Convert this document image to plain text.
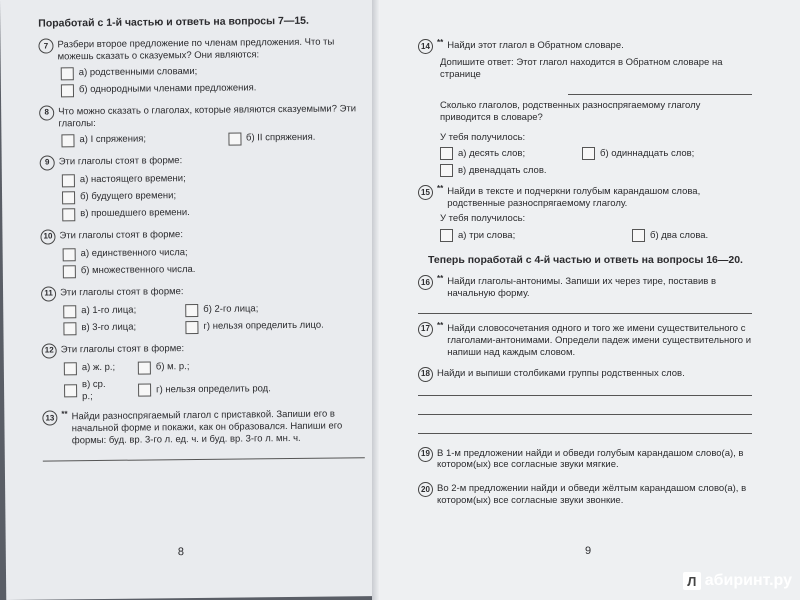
Поработай с 1-й частью и ответь на вопросы 7—15.
7 Разбери второе предложение по членам предложения. Что ты можешь сказать о сказуемых? Они являются:
а) родственными словами;
б) однородными членами предложения.
8 Что можно сказать о глаголах, которые являются сказуемыми? Эти глаголы:
а) I спряжения;	б) II спряжения.
9 Эти глаголы стоят в форме:
а) настоящего времени;
б) будущего времени;
в) прошедшего времени.
10 Эти глаголы стоят в форме:
а) единственного числа;
б) множественного числа.
11 Эти глаголы стоят в форме:
а) 1-го лица;	б) 2-го лица;
в) 3-го лица;	г) нельзя определить лицо.
12 Эти глаголы стоят в форме:
а) ж. р.;	б) м. р.;
в) ср. р.;
г) нельзя определить род.
13 ** Найди разноспрягаемый глагол с приставкой. Запиши его в начальной форме и покажи, как он образовался. Напиши его формы: буд. вр. 3-го л. ед. ч. и буд. вр. 3-го л. мн. ч.
8
14 ** Найди этот глагол в Обратном словаре.
Допишите ответ: Этот глагол находится в Обратном словаре на странице
Сколько глаголов, родственных разноспрягаемому глаголу приводится в словаре?
У тебя получилось:
а) десять слов;	б) одиннадцать слов;
в) двенадцать слов.
15 ** Найди в тексте и подчеркни голубым карандашом слова, родственные разноспрягаемому глаголу.
У тебя получилось:
а) три слова;	б) два слова.
Теперь поработай с 4-й частью и ответь на вопросы 16—20.
16 ** Найди глаголы-антонимы. Запиши их через тире, поставив в начальную форму.
17 ** Найди словосочетания одного и того же имени существительного с глаголами-антонимами. Определи падеж имени существительного и напиши над каждым словом.
18 Найди и выпиши столбиками группы родственных слов.
19 В 1-м предложении найди и обведи голубым карандашом слово(а), в котором(ых) все согласные звуки мягкие.
20 Во 2-м предложении найди и обведи жёлтым карандашом слово(а), в котором(ых) все согласные звуки звонкие.
9
Л абиринт.ру
